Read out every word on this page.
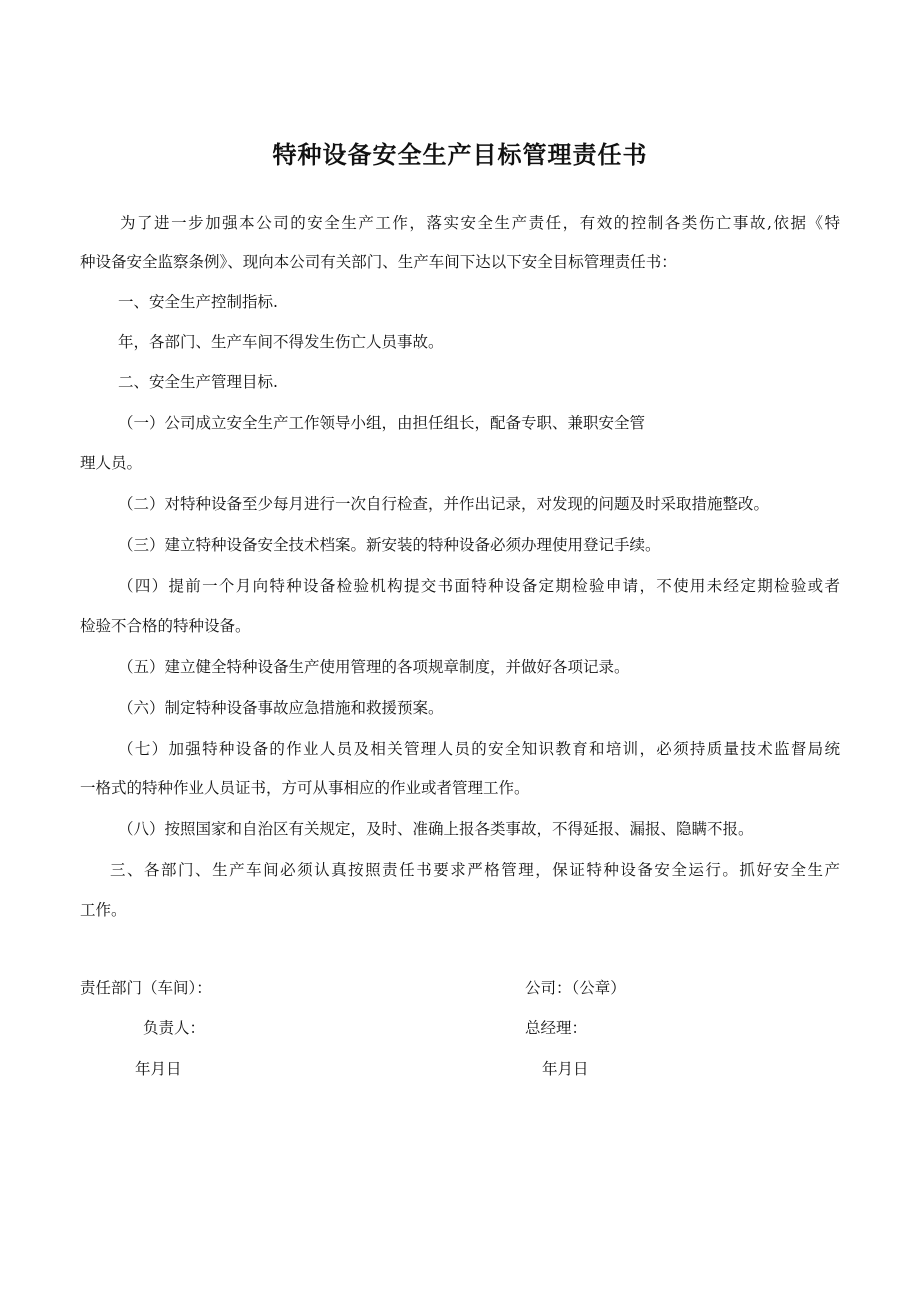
特种设备安全生产目标管理责任书
为了进一步加强本公司的安全生产工作，落实安全生产责任，有效的控制各类伤亡事故,依据《特
种设备安全监察条例》、现向本公司有关部门、生产车间下达以下安全目标管理责任书：
一、安全生产控制指标.
年，各部门、生产车间不得发生伤亡人员事故。
二、安全生产管理目标.
（一）公司成立安全生产工作领导小组，由担任组长，配备专职、兼职安全管
理人员。
（二）对特种设备至少每月进行一次自行检查，并作出记录，对发现的问题及时采取措施整改。
（三）建立特种设备安全技术档案。新安装的特种设备必须办理使用登记手续。
（四）提前一个月向特种设备检验机构提交书面特种设备定期检验申请，不使用未经定期检验或者
检验不合格的特种设备。
（五）建立健全特种设备生产使用管理的各项规章制度，并做好各项记录。
（六）制定特种设备事故应急措施和救援预案。
（七）加强特种设备的作业人员及相关管理人员的安全知识教育和培训，必须持质量技术监督局统
一格式的特种作业人员证书，方可从事相应的作业或者管理工作。
（八）按照国家和自治区有关规定，及时、准确上报各类事故，不得延报、漏报、隐瞒不报。
三、各部门、生产车间必须认真按照责任书要求严格管理，保证特种设备安全运行。抓好安全生产
工作。
责任部门（车间）：
负责人：
年月日
公司：（公章）
总经理：
年月日
